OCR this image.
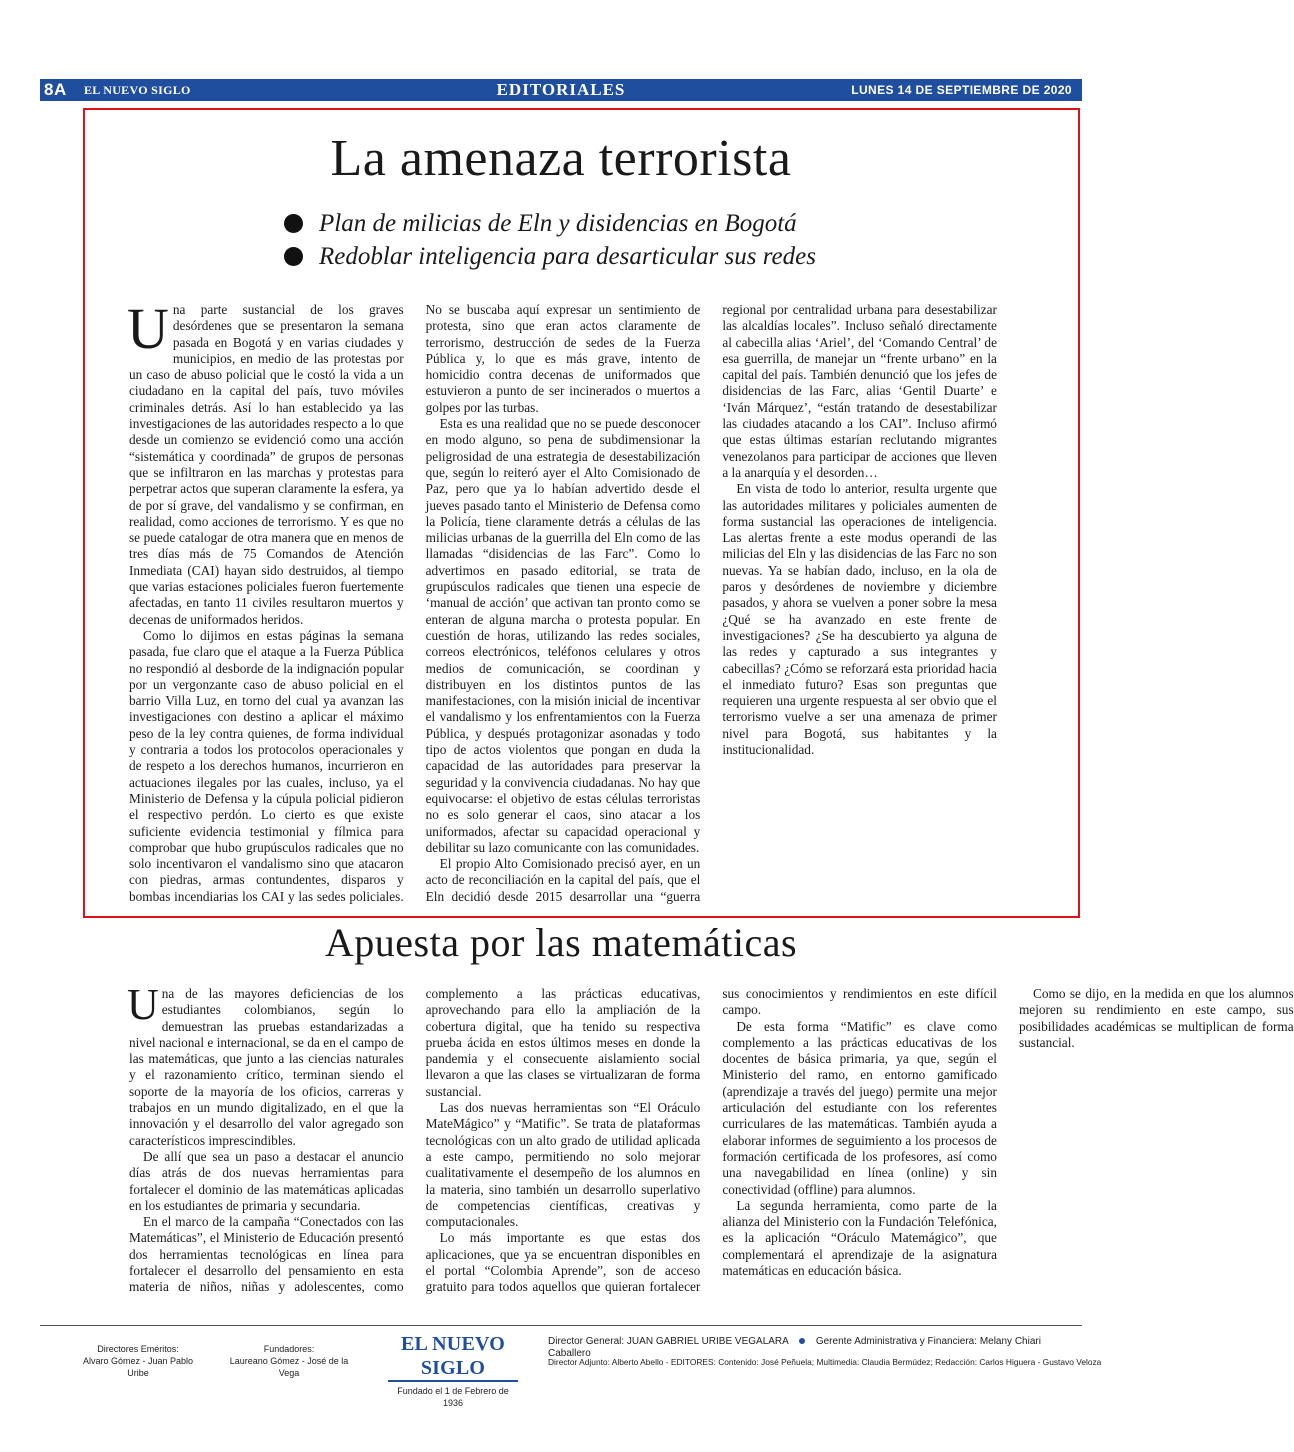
8A EL NUEVO SIGLO	EDITORIALES	LUNES 14 DE SEPTIEMBRE DE 2020
La amenaza terrorista
Plan de milicias de Eln y disidencias en Bogotá
Redoblar inteligencia para desarticular sus redes

Una parte sustancial de los graves desórdenes que se presentaron la semana pasada en Bogotá y en varias ciudades y municipios, en medio de las protestas por un caso de abuso policial que le costó la vida a un ciudadano en la capital del país, tuvo móviles criminales detrás. Así lo han establecido ya las investigaciones de las autoridades respecto a lo que desde un comienzo se evidenció como una acción “sistemática y coordinada” de grupos de personas que se infiltraron en las marchas y protestas para perpetrar actos que superan claramente la esfera, ya de por sí grave, del vandalismo y se confirman, en realidad, como acciones de terrorismo. Y es que no se puede catalogar de otra manera que en menos de tres días más de 75 Comandos de Atención Inmediata (CAI) hayan sido destruidos, al tiempo que varias estaciones policiales fueron fuertemente afectadas, en tanto 11 civiles resultaron muertos y decenas de uniformados heridos.

Como lo dijimos en estas páginas la semana pasada, fue claro que el ataque a la Fuerza Pública no respondió al desborde de la indignación popular por un vergonzante caso de abuso policial en el barrio Villa Luz, en torno del cual ya avanzan las investigaciones con destino a aplicar el máximo peso de la ley contra quienes, de forma individual y contraria a todos los protocolos operacionales y de respeto a los derechos humanos, incurrieron en actuaciones ilegales por las cuales, incluso, ya el Ministerio de Defensa y la cúpula policial pidieron el respectivo perdón. Lo cierto es que existe suficiente evidencia testimonial y fílmica para comprobar que hubo grupúsculos radicales que no solo incentivaron el vandalismo sino que atacaron con piedras, armas contundentes, disparos y bombas incendiarias los CAI y las sedes policiales. No se buscaba aquí expresar un sentimiento de protesta, sino que eran actos claramente de terrorismo, destrucción de sedes de la Fuerza Pública y, lo que es más grave, intento de homicidio contra decenas de uniformados que estuvieron a punto de ser incinerados o muertos a golpes por las turbas.

Esta es una realidad que no se puede desconocer en modo alguno, so pena de subdimensionar la peligrosidad de una estrategia de desestabilización que, según lo reiteró ayer el Alto Comisionado de Paz, pero que ya lo habían advertido desde el jueves pasado tanto el Ministerio de Defensa como la Policía, tiene claramente detrás a células de las milicias urbanas de la guerrilla del Eln como de las llamadas “disidencias de las Farc”. Como lo advertimos en pasado editorial, se trata de grupúsculos radicales que tienen una especie de ‘manual de acción’ que activan tan pronto como se enteran de alguna marcha o protesta popular. En cuestión de horas, utilizando las redes sociales, correos electrónicos, teléfonos celulares y otros medios de comunicación, se coordinan y distribuyen en los distintos puntos de las manifestaciones, con la misión inicial de incentivar el vandalismo y los enfrentamientos con la Fuerza Pública, y después protagonizar asonadas y todo tipo de actos violentos que pongan en duda la capacidad de las autoridades para preservar la seguridad y la convivencia ciudadanas. No hay que equivocarse: el objetivo de estas células terroristas no es solo generar el caos, sino atacar a los uniformados, afectar su capacidad operacional y debilitar su lazo comunicante con las comunidades.

El propio Alto Comisionado precisó ayer, en un acto de reconciliación en la capital del país, que el Eln decidió desde 2015 desarrollar una “guerra regional por centralidad urbana para desestabilizar las alcaldías locales”. Incluso señaló directamente al cabecilla alias ‘Ariel’, del ‘Comando Central’ de esa guerrilla, de manejar un “frente urbano” en la capital del país. También denunció que los jefes de disidencias de las Farc, alias ‘Gentil Duarte’ e ‘Iván Márquez’, “están tratando de desestabilizar las ciudades atacando a los CAI”. Incluso afirmó que estas últimas estarían reclutando migrantes venezolanos para participar de acciones que lleven a la anarquía y el desorden…

En vista de todo lo anterior, resulta urgente que las autoridades militares y policiales aumenten de forma sustancial las operaciones de inteligencia. Las alertas frente a este modus operandi de las milicias del Eln y las disidencias de las Farc no son nuevas. Ya se habían dado, incluso, en la ola de paros y desórdenes de noviembre y diciembre pasados, y ahora se vuelven a poner sobre la mesa ¿Qué se ha avanzado en este frente de investigaciones? ¿Se ha descubierto ya alguna de las redes y capturado a sus integrantes y cabecillas? ¿Cómo se reforzará esta prioridad hacia el inmediato futuro? Esas son preguntas que requieren una urgente respuesta al ser obvio que el terrorismo vuelve a ser una amenaza de primer nivel para Bogotá, sus habitantes y la institucionalidad.

Apuesta por las matemáticas

Una de las mayores deficiencias de los estudiantes colombianos, según lo demuestran las pruebas estandarizadas a nivel nacional e internacional, se da en el campo de las matemáticas, que junto a las ciencias naturales y el razonamiento crítico, terminan siendo el soporte de la mayoría de los oficios, carreras y trabajos en un mundo digitalizado, en el que la innovación y el desarrollo del valor agregado son característicos imprescindibles.

De allí que sea un paso a destacar el anuncio días atrás de dos nuevas herramientas para fortalecer el dominio de las matemáticas aplicadas en los estudiantes de primaria y secundaria.

En el marco de la campaña “Conectados con las Matemáticas”, el Ministerio de Educación presentó dos herramientas tecnológicas en línea para fortalecer el desarrollo del pensamiento en esta materia de niños, niñas y adolescentes, como complemento a las prácticas educativas, aprovechando para ello la ampliación de la cobertura digital, que ha tenido su respectiva prueba ácida en estos últimos meses en donde la pandemia y el consecuente aislamiento social llevaron a que las clases se virtualizaran de forma sustancial.

Las dos nuevas herramientas son “El Oráculo MateMágico” y “Matific”. Se trata de plataformas tecnológicas con un alto grado de utilidad aplicada a este campo, permitiendo no solo mejorar cualitativamente el desempeño de los alumnos en la materia, sino también un desarrollo superlativo de competencias científicas, creativas y computacionales.

Lo más importante es que estas dos aplicaciones, que ya se encuentran disponibles en el portal “Colombia Aprende”, son de acceso gratuito para todos aquellos que quieran fortalecer sus conocimientos y rendimientos en este difícil campo.

De esta forma “Matific” es clave como complemento a las prácticas educativas de los docentes de básica primaria, ya que, según el Ministerio del ramo, en entorno gamificado (aprendizaje a través del juego) permite una mejor articulación del estudiante con los referentes curriculares de las matemáticas. También ayuda a elaborar informes de seguimiento a los procesos de formación certificada de los profesores, así como una navegabilidad en línea (online) y sin conectividad (offline) para alumnos.

La segunda herramienta, como parte de la alianza del Ministerio con la Fundación Telefónica, es la aplicación “Oráculo Matemágico”, que complementará el aprendizaje de la asignatura matemáticas en educación básica.

Como se dijo, en la medida en que los alumnos mejoren su rendimiento en este campo, sus posibilidades académicas se multiplican de forma sustancial.

Directores Eméritos:
Alvaro Gómez - Juan Pablo Uribe
Fundadores:
Laureano Gómez - José de la Vega
EL NUEVO SIGLO
Fundado el 1 de Febrero de 1936
Director General: JUAN GABRIEL URIBE VEGALARA	Gerente Administrativa y Financiera: Melany Chiari Caballero
Director Adjunto: Alberto Abello - EDITORES: Contenido: José Peñuela; Multimedia: Claudia Bermúdez; Redacción: Carlos Higuera - Gustavo Veloza
